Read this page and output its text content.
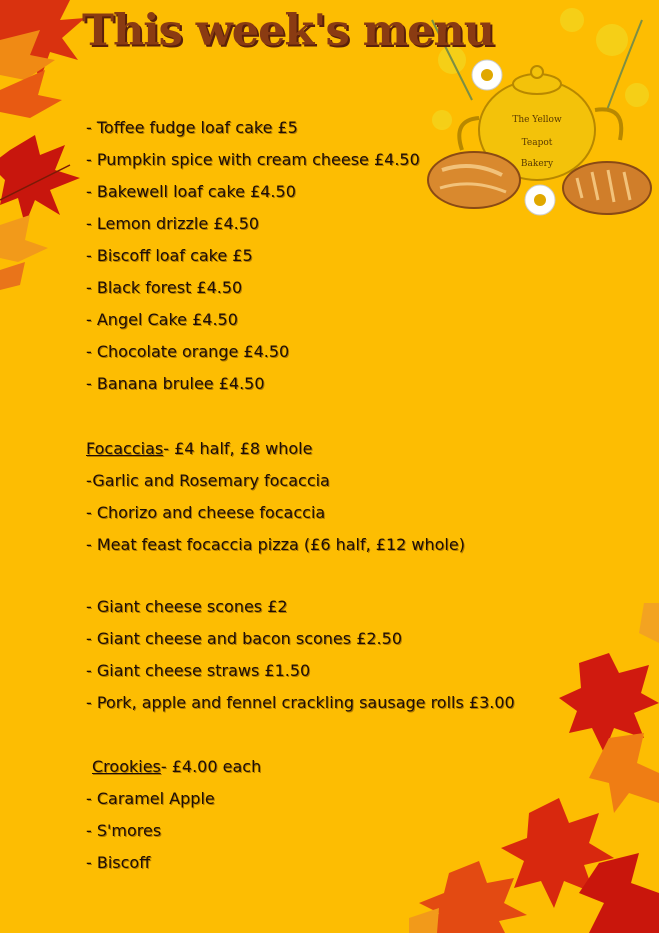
The Yellow
Teapot
Bakery
This week's menu
- Toffee fudge loaf cake £5
- Pumpkin spice with cream cheese £4.50
- Bakewell loaf cake £4.50
- Lemon drizzle £4.50
- Biscoff loaf cake £5
- Black forest £4.50
- Angel Cake £4.50
- Chocolate orange £4.50
- Banana brulee £4.50
Focaccias- £4 half, £8 whole
-Garlic and Rosemary focaccia
- Chorizo and cheese focaccia
- Meat feast focaccia pizza (£6 half, £12 whole)
- Giant cheese scones £2
- Giant cheese and bacon scones £2.50
- Giant cheese straws £1.50
- Pork, apple and fennel crackling sausage rolls £3.00
Crookies- £4.00 each
- Caramel Apple
- S'mores
- Biscoff
